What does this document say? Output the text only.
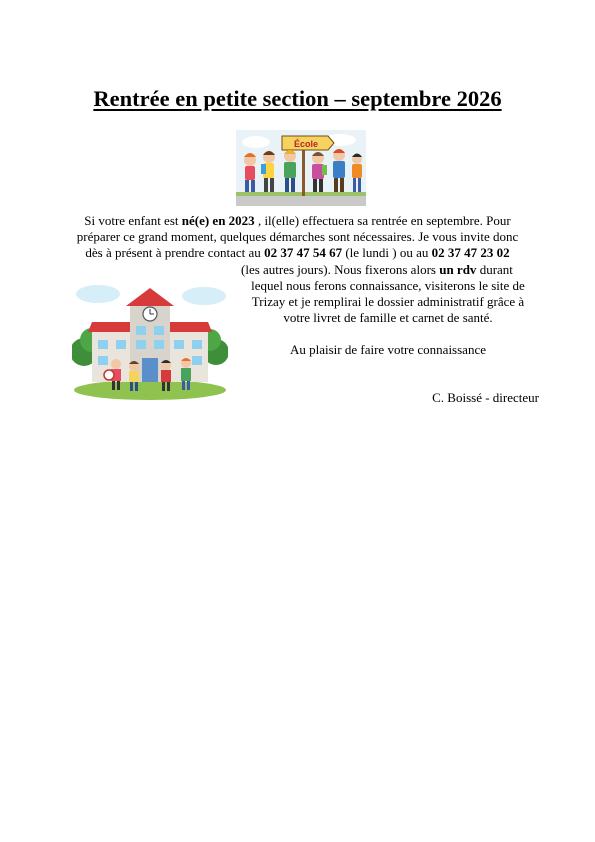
Rentrée en petite section – septembre 2026
École

Si votre enfant est né(e) en 2023 , il(elle) effectuera sa rentrée en septembre. Pour

préparer ce grand moment, quelques démarches sont nécessaires. Je vous invite donc

dès à présent à prendre contact au 02 37 47 54 67 (le lundi ) ou au 02 37 47 23 02

(les autres jours). Nous fixerons alors un rdv durant

lequel nous ferons connaissance, visiterons le site de

Trizay et je remplirai le dossier administratif grâce à

votre livret de famille et carnet de santé.

Au plaisir de faire votre connaissance

C. Boissé - directeur
